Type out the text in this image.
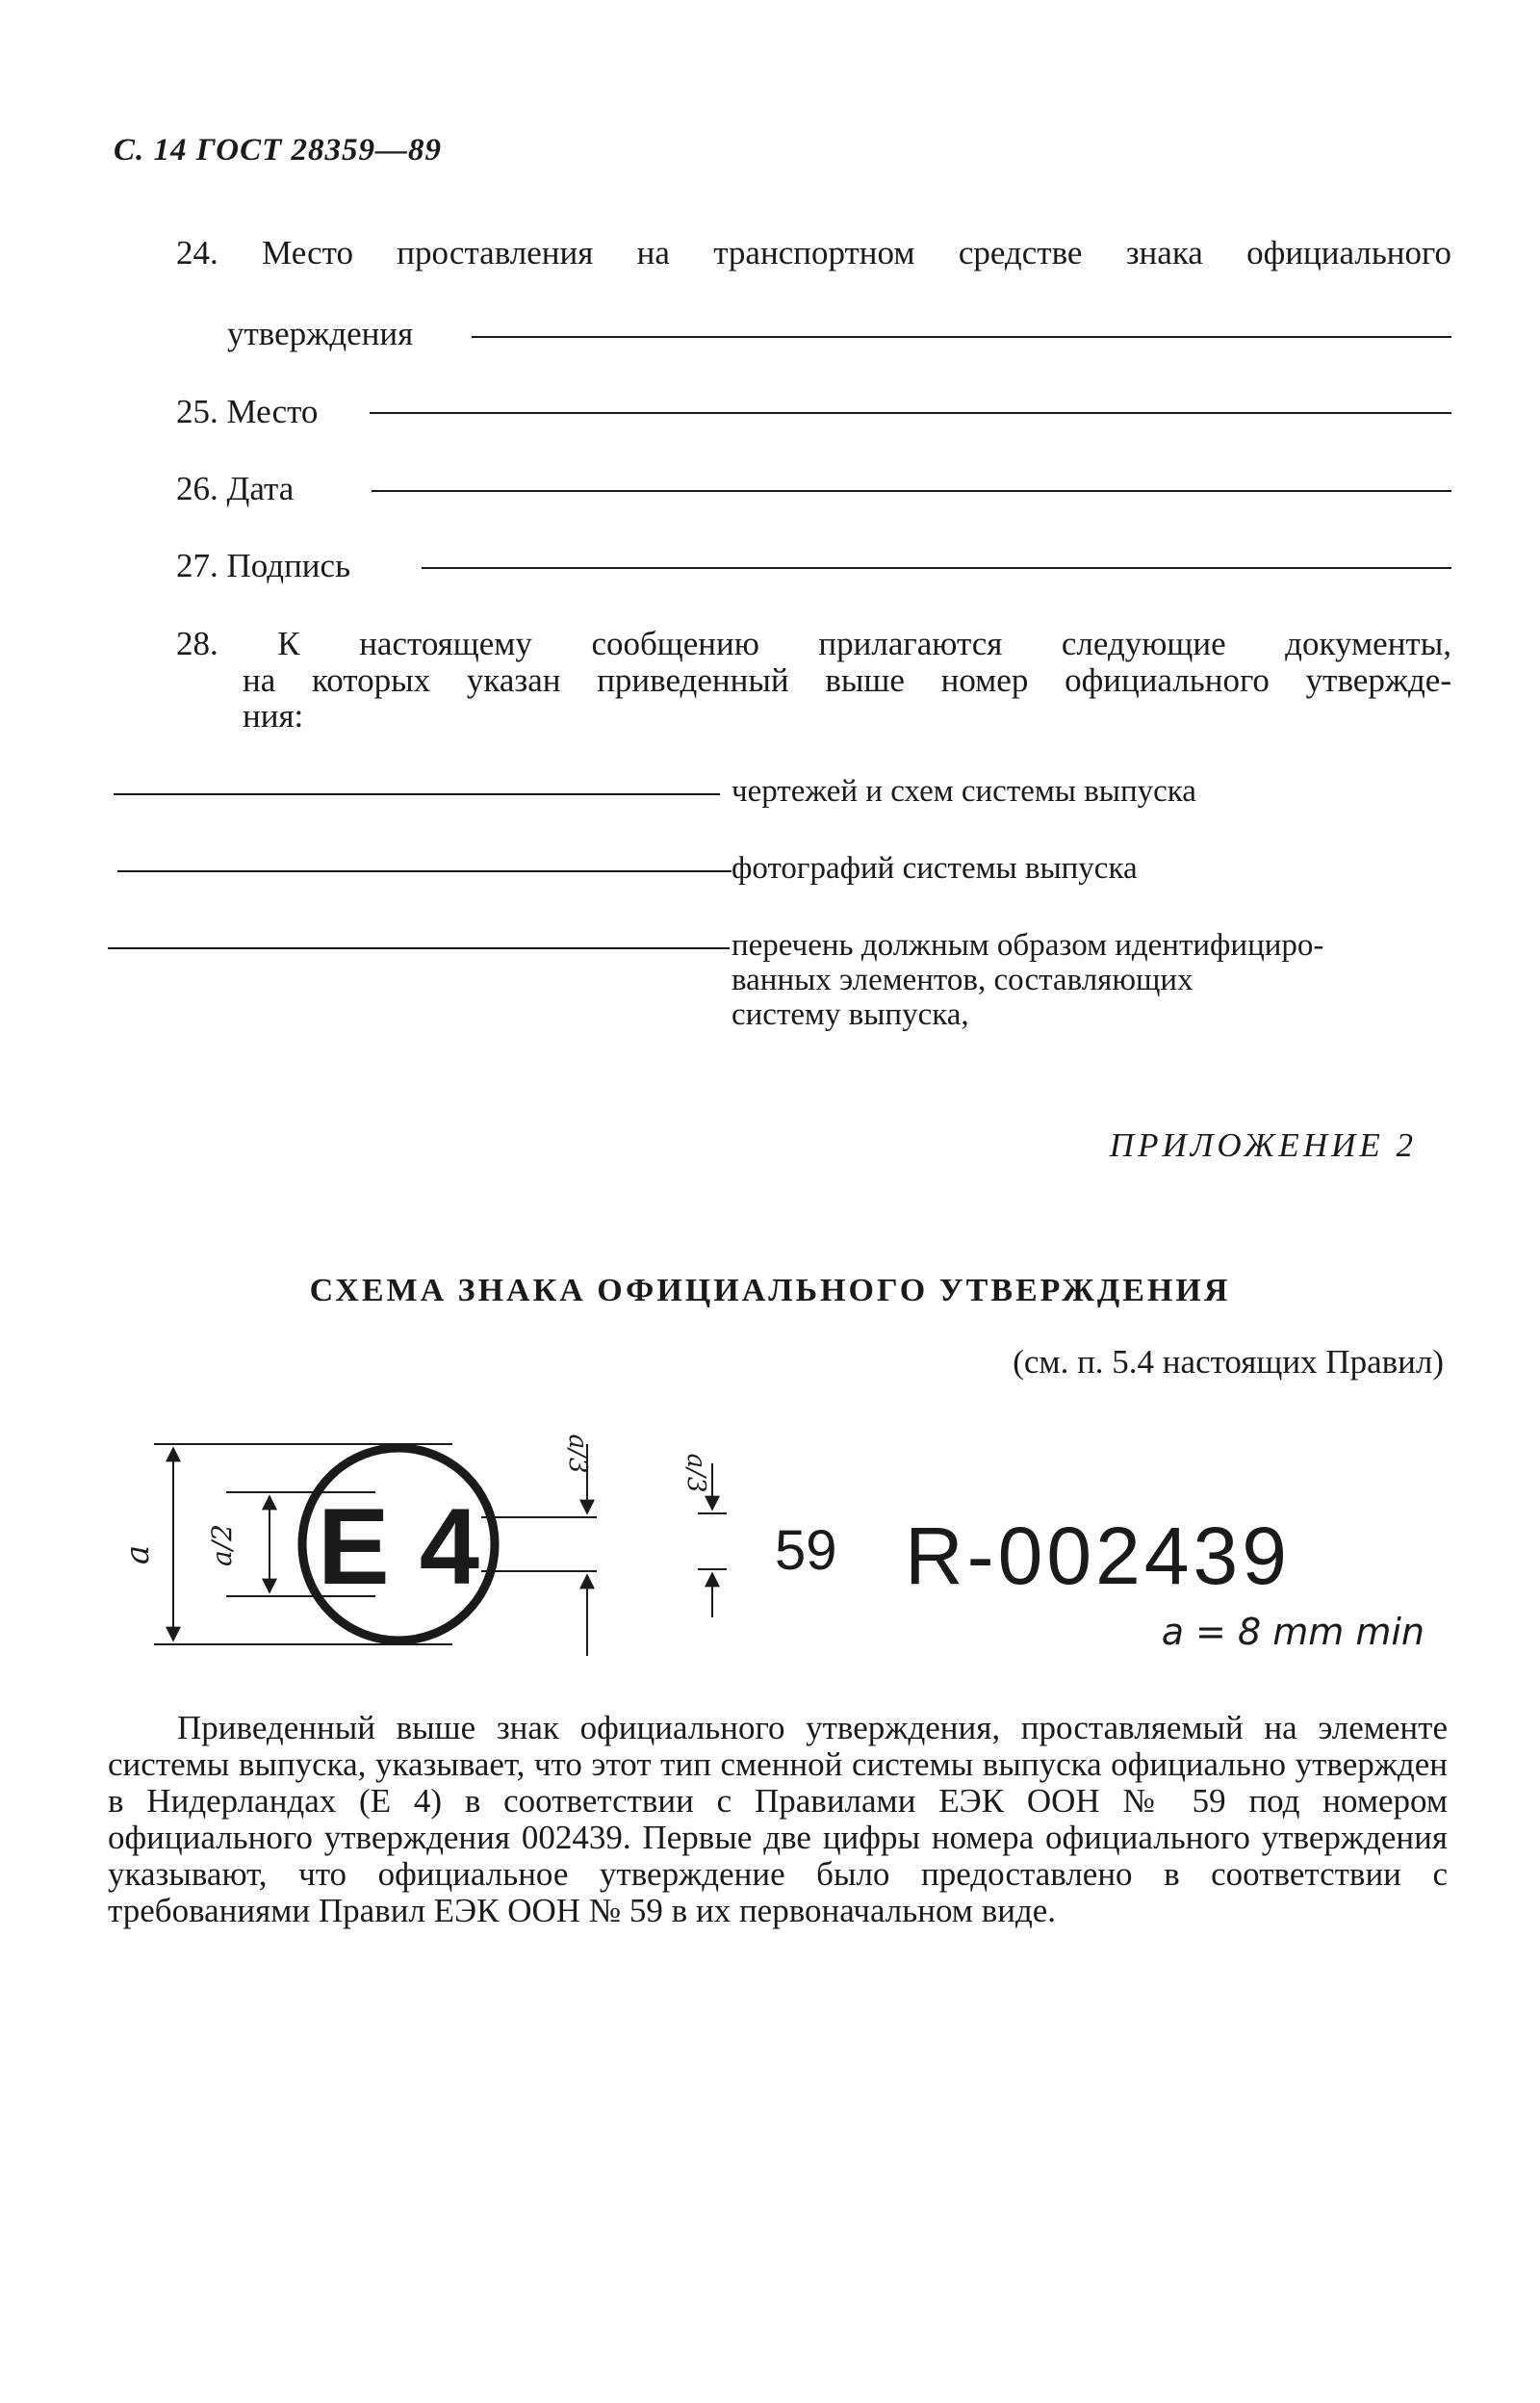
С. 14 ГОСТ 28359—89
24. Место проставления на транспортном средстве знака официального
утверждения
25. Место
26. Дата
27. Подпись
28. К настоящему сообщению прилагаются следующие документы,
на которых указан приведенный выше номер официального утвержде-
ния:
чертежей и схем системы выпуска
фотографий системы выпуска
перечень должным образом идентифициро-
ванных элементов, составляющих
систему выпуска,
ПРИЛОЖЕНИЕ 2
СХЕМА ЗНАКА ОФИЦИАЛЬНОГО УТВЕРЖДЕНИЯ
(см. п. 5.4 настоящих Правил)
a a/2 E 4
a/3	a/3
59 R-002439
a = 8 mm min

Приведенный выше знак официального утверждения, проставляемый на элементе системы выпуска, указывает, что этот тип сменной системы выпуска официально утвержден в Нидерландах (Е 4) в соответствии с Правилами ЕЭК ООН № 59 под номером официального утверждения 002439. Первые две цифры номера официального утверждения указывают, что официальное утверждение было предоставлено в соответствии с требованиями Правил ЕЭК ООН № 59 в их первоначальном виде.
